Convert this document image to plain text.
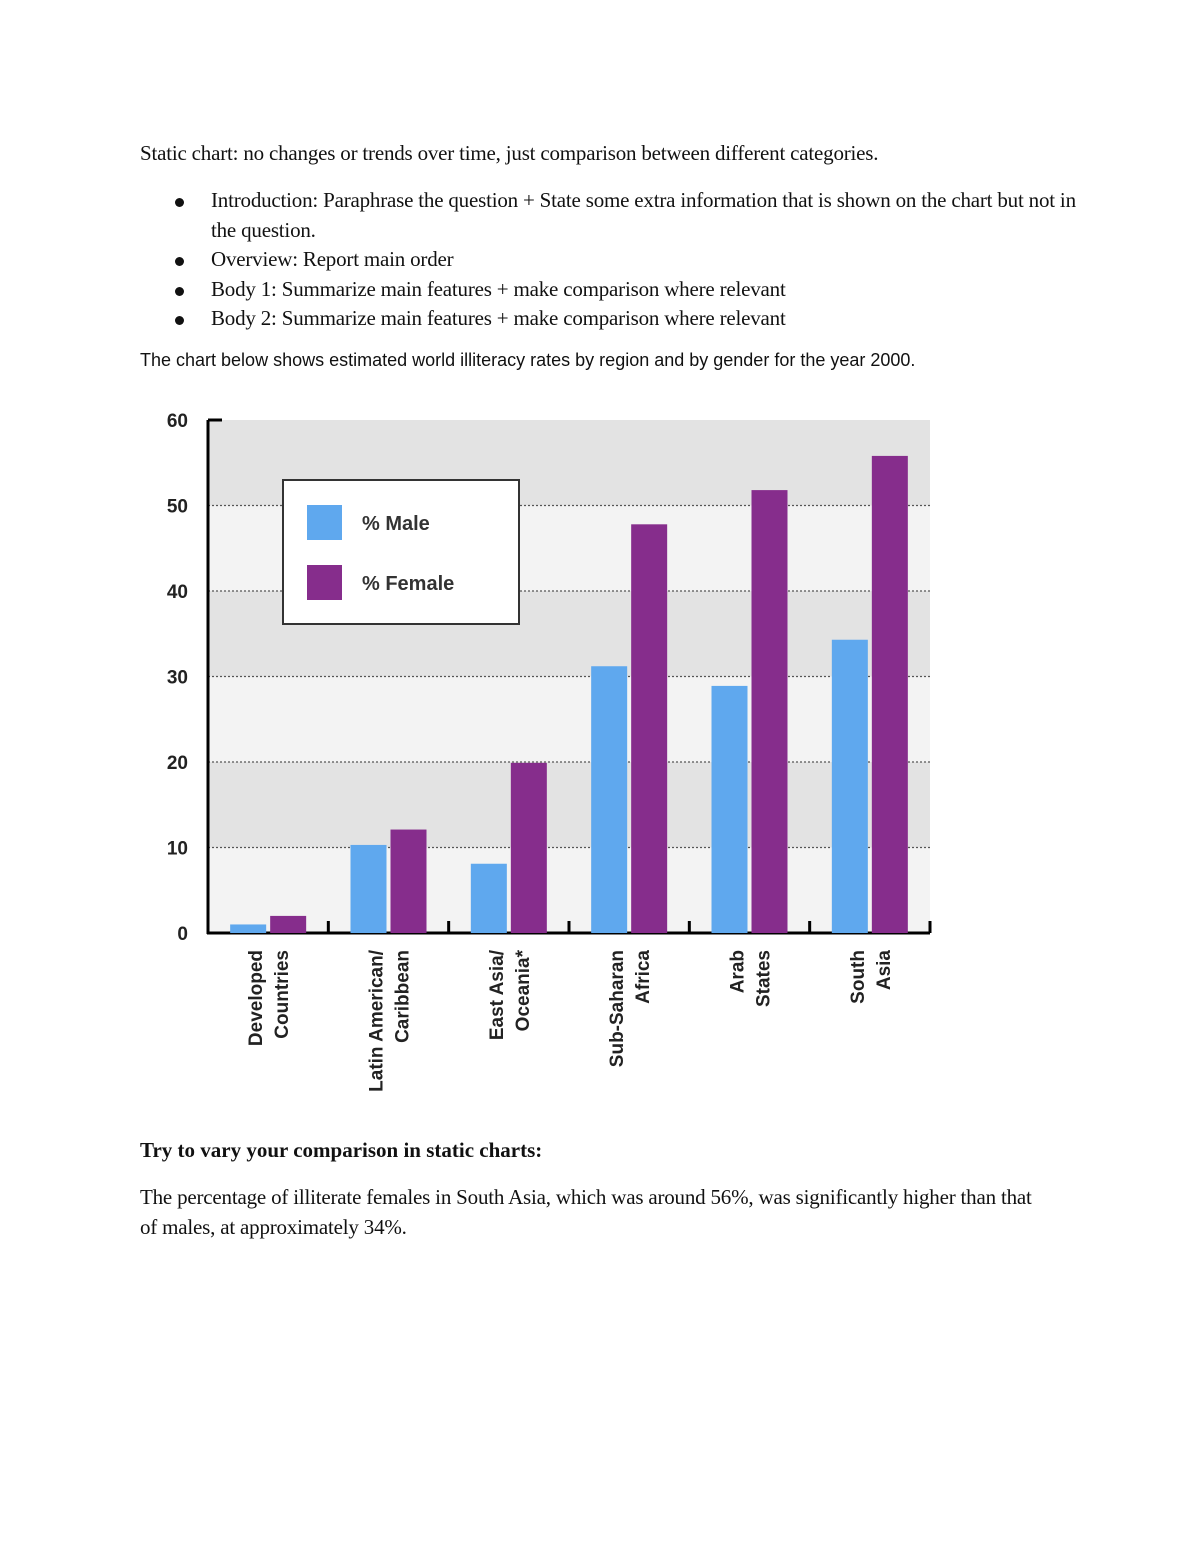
Static chart: no changes or trends over time, just comparison between different categories.

Introduction: Paraphrase the question + State some extra information that is shown on the chart but not in the question.
Overview: Report main order
Body 1: Summarize main features + make comparison where relevant
Body 2: Summarize main features + make comparison where relevant

The chart below shows estimated world illiteracy rates by region and by gender for the year 2000.

0
10
20
30
40
50
60
Developed Countries	Latin American/ Caribbean	East Asia/ Oceania*	Sub-Saharan Africa	Arab States	South Asia
% Male
% Female

Try to vary your comparison in static charts:

The percentage of illiterate females in South Asia, which was around 56%, was significantly higher than that of males, at approximately 34%.
